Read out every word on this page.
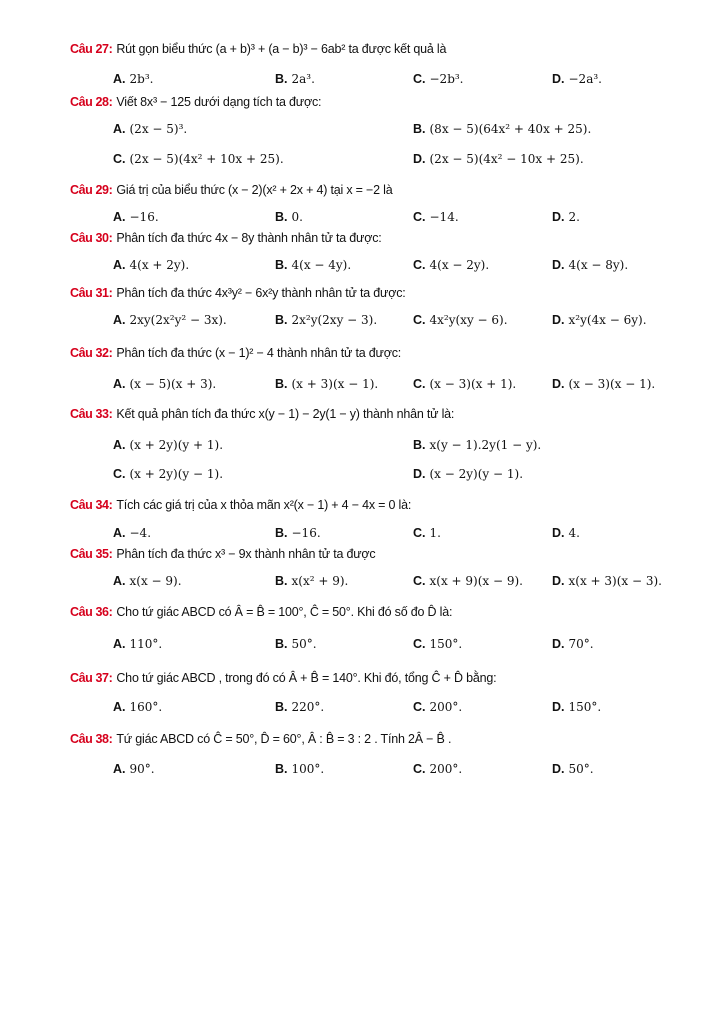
Câu 27: Rút gọn biểu thức (a + b)³ + (a − b)³ − 6ab² ta được kết quả là
A. 2b³.	B. 2a³.	C. −2b³.	D. −2a³.
Câu 28: Viết 8x³ − 125 dưới dạng tích ta được:
A. (2x − 5)³.	B. (8x − 5)(64x² + 40x + 25).
C. (2x − 5)(4x² + 10x + 25).	D. (2x − 5)(4x² − 10x + 25).
Câu 29: Giá trị của biểu thức (x − 2)(x² + 2x + 4) tại x = −2 là
A. −16.	B. 0.	C. −14.	D. 2.
Câu 30: Phân tích đa thức 4x − 8y thành nhân tử ta được:
A. 4(x + 2y).	B. 4(x − 4y).	C. 4(x − 2y).	D. 4(x − 8y).
Câu 31: Phân tích đa thức 4x³y² − 6x²y thành nhân tử ta được:
A. 2xy(2x²y² − 3x).	B. 2x²y(2xy − 3).	C. 4x²y(xy − 6).	D. x²y(4x − 6y).
Câu 32: Phân tích đa thức (x − 1)² − 4 thành nhân tử ta được:
A. (x − 5)(x + 3).	B. (x + 3)(x − 1).	C. (x − 3)(x + 1).	D. (x − 3)(x − 1).
Câu 33: Kết quả phân tích đa thức x(y − 1) − 2y(1 − y) thành nhân tử là:
A. (x + 2y)(y + 1).	B. x(y − 1).2y(1 − y).
C. (x + 2y)(y − 1).	D. (x − 2y)(y − 1).
Câu 34: Tích các giá trị của x thỏa mãn x²(x − 1) + 4 − 4x = 0 là:
A. −4.	B. −16.	C. 1.	D. 4.
Câu 35: Phân tích đa thức x³ − 9x thành nhân tử ta được
A. x(x − 9).	B. x(x² + 9).	C. x(x + 9)(x − 9). D. x(x + 3)(x − 3).
Câu 36: Cho tứ giác ABCD có Â = B̂ = 100°, Ĉ = 50°. Khi đó số đo D̂ là:
A. 110°.	B. 50°.	C. 150°.	D. 70°.
Câu 37: Cho tứ giác ABCD , trong đó có Â + B̂ = 140°. Khi đó, tổng Ĉ + D̂ bằng:
A. 160°.	B. 220°.	C. 200°.	D. 150°.
Câu 38: Tứ giác ABCD có Ĉ = 50°, D̂ = 60°, Â : B̂ = 3 : 2 . Tính 2Â − B̂ .
A. 90°.	B. 100°.	C. 200°.	D. 50°.
